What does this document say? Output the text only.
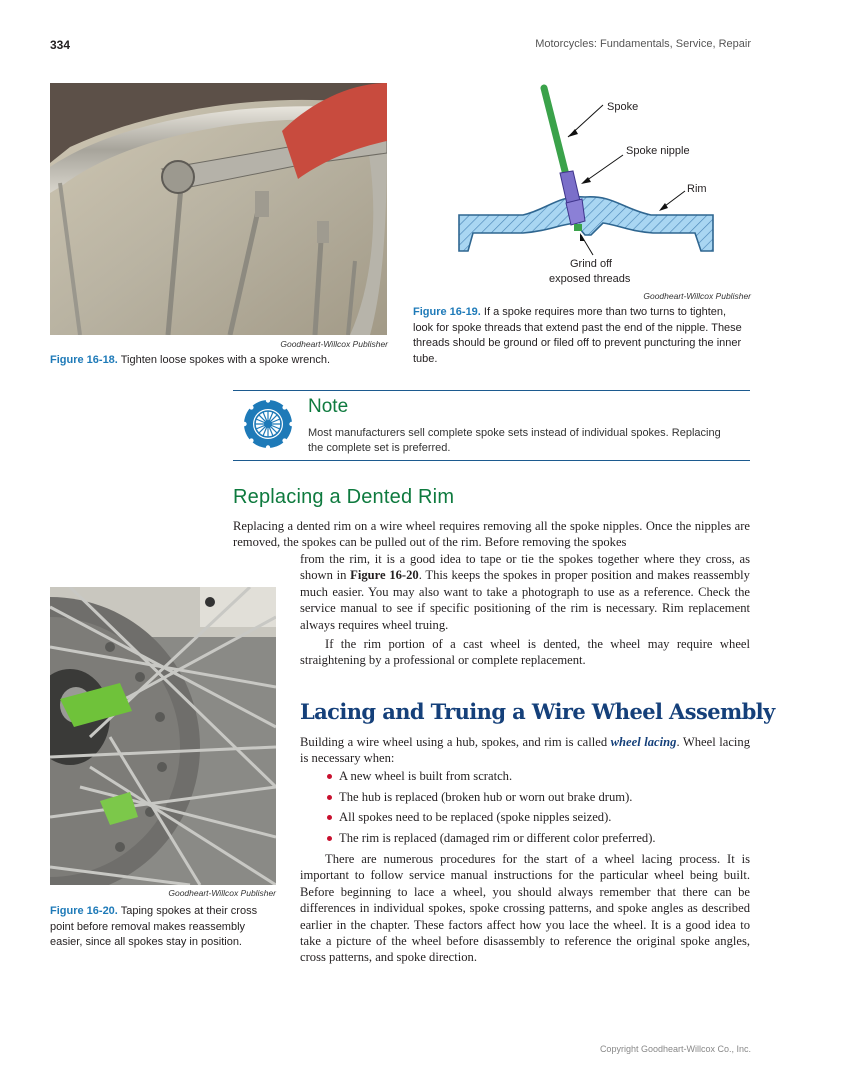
334	Motorcycles: Fundamentals, Service, Repair
Goodheart-Willcox Publisher
Figure 16-18. Tighten loose spokes with a spoke wrench.
Spoke
Spoke nipple
Rim
Grind off
exposed threads
Goodheart-Willcox Publisher
Figure 16-19. If a spoke requires more than two turns to tighten, look for spoke threads that extend past the end of the nipple. These threads should be ground or filed off to prevent puncturing the inner tube.
Note
Most manufacturers sell complete spoke sets instead of individual spokes. Replacing the complete set is preferred.
Replacing a Dented Rim
Replacing a dented rim on a wire wheel requires removing all the spoke nipples. Once the nipples are removed, the spokes can be pulled out of the rim. Before removing the spokes
from the rim, it is a good idea to tape or tie the spokes together where they cross, as shown in Figure 16-20. This keeps the spokes in proper position and makes reassembly much easier. You may also want to take a photograph to use as a reference. Check the service manual to see if specific positioning of the rim is necessary. Rim replacement always requires wheel truing.
If the rim portion of a cast wheel is dented, the wheel may require wheel straightening by a professional or complete replacement.
Goodheart-Willcox Publisher
Figure 16-20. Taping spokes at their cross point before removal makes reassembly easier, since all spokes stay in position.
Lacing and Truing a Wire Wheel Assembly
Building a wire wheel using a hub, spokes, and rim is called wheel lacing. Wheel lacing is necessary when:
A new wheel is built from scratch.
The hub is replaced (broken hub or worn out brake drum).
All spokes need to be replaced (spoke nipples seized).
The rim is replaced (damaged rim or different color preferred).
There are numerous procedures for the start of a wheel lacing process. It is important to follow service manual instructions for the particular wheel being built. Before beginning to lace a wheel, you should always remember that there can be differences in individual spokes, spoke crossing patterns, and spoke angles as described earlier in the chapter. These factors affect how you lace the wheel. It is a good idea to take a picture of the wheel before disassembly to reference the original spoke angles, cross patterns, and spoke direction.
Copyright Goodheart-Willcox Co., Inc.
